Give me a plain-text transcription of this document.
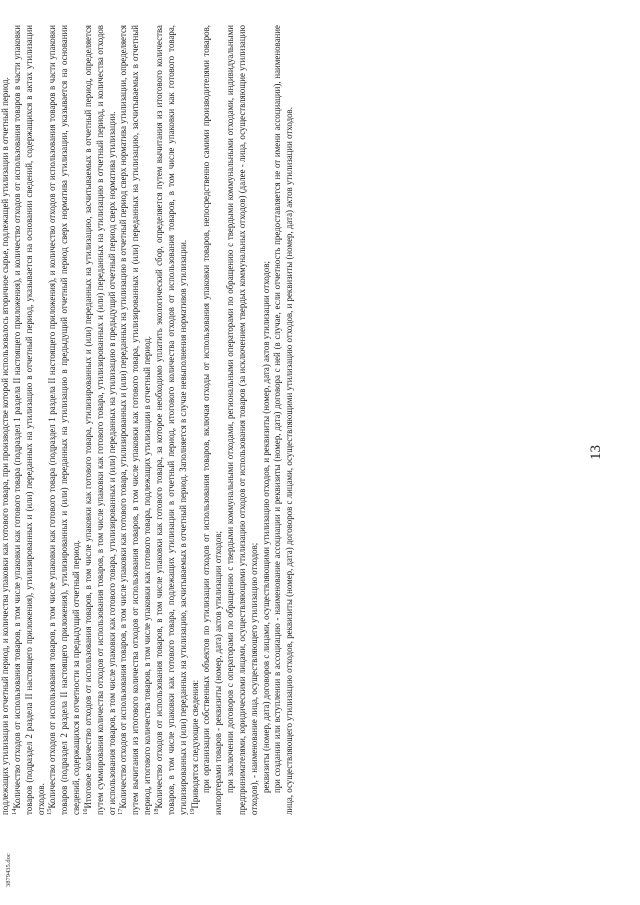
13
3879435.doc

подлежащих утилизации в отчетный период, и количества упаковки как готового товара, при производстве которой использовалось вторичное сырье, подлежащей утилизации в отчетный период. $^{14}$Количество отходов от использования товаров, в том числе упаковки как готового товара (подраздел 1 раздела II настоящего приложения), и количество отходов от использования товаров в части упаковки товаров (подраздел 2 раздела II настоящего приложения), утилизированных и (или) переданных на утилизацию в отчетный период, указывается на основании сведений, содержащихся в актах утилизации отходов. $^{15}$Количество отходов от использования товаров, в том числе упаковки как готового товара (подраздел 1 раздела II настоящего приложения), и количество отходов от использования товаров в части упаковки товаров (подраздел 2 раздела II настоящего приложения), утилизированных и (или) переданных на утилизацию в предыдущий отчетный период сверх норматива утилизации, указывается на основании сведений, содержащихся в отчетности за предыдущий отчетный период. $^{16}$Итоговое количество отходов от использования товаров, в том числе упаковки как готового товара, утилизированных и (или) переданных на утилизацию, засчитываемых в отчетный период, определяется путем суммирования количества отходов от использования товаров, в том числе упаковки как готового товара, утилизированных и (или) переданных на утилизацию в отчетный период, и количества отходов от использования товаров, в том числе упаковки как готового товара, утилизированных и (или) переданных на утилизацию в предыдущий отчетный период сверх норматива утилизации. $^{17}$Количество отходов от использования товаров, в том числе упаковки как готового товара, утилизированных и (или) переданных на утилизацию в отчетный период сверх норматива утилизации, определяется путем вычитания из итогового количества отходов от использования товаров, в том числе упаковки как готового товара, утилизированных и (или) переданных на утилизацию, засчитываемых в отчетный период, итогового количества товаров, в том числе упаковки как готового товара, подлежащих утилизации в отчетный период. $^{18}$Количество отходов от использования товаров, в том числе упаковки как готового товара, за которое необходимо уплатить экологический сбор, определяется путем вычитания из итогового количества товаров, в том числе упаковки как готового товара, подлежащих утилизации в отчетный период, итогового количества отходов от использования товаров, в том числе упаковки как готового товара, утилизированных и (или) переданных на утилизацию, засчитываемых в отчетный период. Заполняется в случае невыполнения нормативов утилизации. $^{19}$Приводятся следующие сведения: при организации собственных объектов по утилизации отходов от использования товаров, включая отходы от использования упаковки товаров, непосредственно самими производителями товаров, импортерами товаров - реквизиты (номер, дата) актов утилизации отходов; при заключении договоров с операторами по обращению с твердыми коммунальными отходами, региональными операторами по обращению с твердыми коммунальными отходами, индивидуальными предпринимателями, юридическими лицами, осуществляющими утилизацию отходов от использования товаров (за исключением твердых коммунальных отходов) (далее - лица, осуществляющие утилизацию отходов), - наименование лица, осуществляющего утилизацию отходов; реквизиты (номер, дата) договоров с лицами, осуществляющими утилизацию отходов, и реквизиты (номер, дата) актов утилизации отходов; при создании или вступлении в ассоциацию - наименование ассоциации и реквизиты (номер, дата) договора с ней (в случае, если отчетность предоставляется не от имени ассоциации), наименование лица, осуществляющего утилизацию отходов, реквизиты (номер, дата) договоров с лицами, осуществляющими утилизацию отходов, и реквизиты (номер, дата) актов утилизации отходов.
